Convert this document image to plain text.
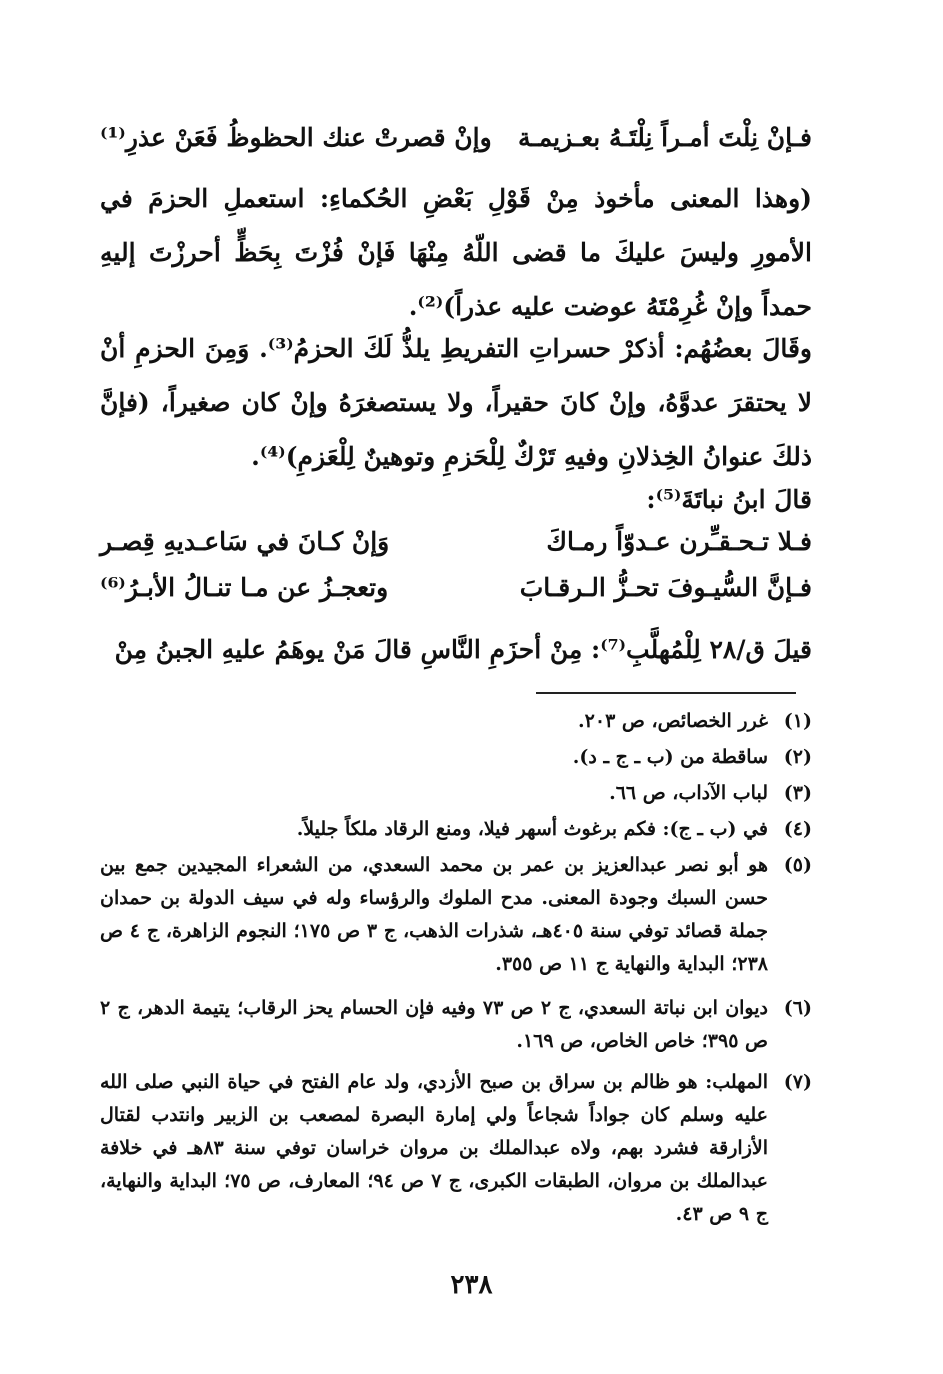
فـإنْ نِلْتَ أمـراً نِلْتَـهُ بعـزيمـة
وإنْ قصرتْ عنك الحظوظُ فَعَنْ عذرِ⁽¹⁾
(وهذا المعنى مأخوذ مِنْ قَوْلِ بَعْضِ الحُكماءِ: استعملِ الحزمَ في الأمورِ وليسَ عليكَ ما قضى اللّهُ مِنْهَا فَإنْ فُزْتَ بِحَظٍّ أحرزْتَ إليهِ حمداً وإنْ غُرِمْتَهُ عوضت عليه عذراً)⁽²⁾.
وقَالَ بعضُهُم: أذكرْ حسراتِ التفريطِ يلذُّ لَكَ الحزمُ⁽³⁾. وَمِنَ الحزمِ أنْ لا يحتقرَ عدوَّهُ، وإنْ كانَ حقيراً، ولا يستصغرَهُ وإنْ كان صغيراً، (فإنَّ ذلكَ عنوانُ الخِذلانِ وفيهِ تَرْكٌ لِلْحَزمِ وتوهينٌ لِلْعَزمِ)⁽⁴⁾.
قالَ ابنُ نباتَةَ⁽⁵⁾:
فـلا تـحـقـِّرن عـدوّاً رمـاكَ
وَإنْ كـانَ في سَاعـديهِ قِصـر
فـإنَّ السُّيـوفَ تحـزُّ الـرقـابَ
وتعجـزُ عن مـا تنـالُ الأبـرُ⁽⁶⁾
قيلَ ق/٢٨ لِلْمُهلَّبِ⁽⁷⁾: مِنْ أحزَمِ النَّاسِ قالَ مَنْ يوهَمُ عليهِ الجبنُ مِنْ
(١)
غرر الخصائص، ص ٢٠٣.
(٢)
ساقطة من (ب ـ ج ـ د).
(٣)
لباب الآداب، ص ٦٦.
(٤)
في (ب ـ ج): فكم برغوث أسهر فيلا، ومنع الرقاد ملكاً جليلاً.
(٥)
هو أبو نصر عبدالعزيز بن عمر بن محمد السعدي، من الشعراء المجيدين جمع بين حسن السبك وجودة المعنى. مدح الملوك والرؤساء وله في سيف الدولة بن حمدان جملة قصائد توفي سنة ٤٠٥هـ، شذرات الذهب، ج ٣ ص ١٧٥؛ النجوم الزاهرة، ج ٤ ص ٢٣٨؛ البداية والنهاية ج ١١ ص ٣٥٥.
(٦)
ديوان ابن نباتة السعدي، ج ٢ ص ٧٣ وفيه فإن الحسام يحز الرقاب؛ يتيمة الدهر، ج ٢ ص ٣٩٥؛ خاص الخاص، ص ١٦٩.
(٧)
المهلب: هو ظالم بن سراق بن صبح الأزدي، ولد عام الفتح في حياة النبي صلى الله عليه وسلم كان جواداً شجاعاً ولي إمارة البصرة لمصعب بن الزبير وانتدب لقتال الأزارقة فشرد بهم، ولاه عبدالملك بن مروان خراسان توفي سنة ٨٣هـ في خلافة عبدالملك بن مروان، الطبقات الكبرى، ج ٧ ص ٩٤؛ المعارف، ص ٧٥؛ البداية والنهاية، ج ٩ ص ٤٣.
٢٣٨
